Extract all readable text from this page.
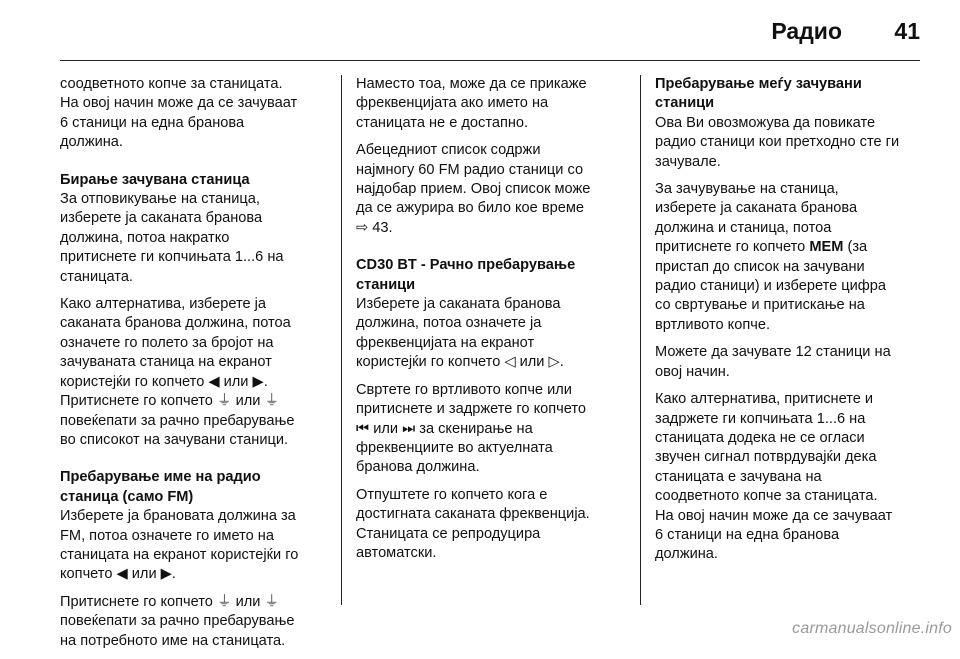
Радио 41
соодветното копче за станицата.
На овој начин може да се зачуваат
6 станици на една бранова
должина.
Бирање зачувана станица
За отповикување на станица,
изберете ја саканата бранова
должина, потоа накратко
притиснете ги копчињата 1...6 на
станицата.
Како алтернатива, изберете ја
саканата бранова должина, потоа
означете го полето за бројот на
зачуваната станица на екранот
користејќи го копчето ◀ или ▶.
Притиснете го копчето ⏚ или ⏚
повеќепати за рачно пребарување
во списокот на зачувани станици.
Пребарување име на радио
станица (само FM)
Изберете ја брановата должина за
FM, потоа означете го името на
станицата на екранот користејќи го
копчето ◀ или ▶.
Притиснете го копчето ⏚ или ⏚
повеќепати за рачно пребарување
на потребното име на станицата.
Наместо тоа, може да се прикаже
фреквенцијата ако името на
станицата не е достапно.
Абецедниот список содржи
најмногу 60 FM радио станици со
најдобар прием. Овој список може
да се ажурира во било кое време
⇨ 43.
CD30 BT - Рачно пребарување
станици
Изберете ја саканата бранова
должина, потоа означете ја
фреквенцијата на екранот
користејќи го копчето ◁ или ▷.
Свртете го вртливото копче или
притиснете и задржете го копчето
⏮ или ⏭ за скенирање на
фреквенциите во актуелната
бранова должина.
Отпуштете го копчето кога е
достигната саканата фреквенција.
Станицата се репродуцира
автоматски.
Пребарување меѓу зачувани
станици
Ова Ви овозможува да повикате
радио станици кои претходно сте ги
зачувале.
За зачувување на станица,
изберете ја саканата бранова
должина и станица, потоа
притиснете го копчето MEM (за
пристап до список на зачувани
радио станици) и изберете цифра
со свртување и притискање на
вртливото копче.
Можете да зачувате 12 станици на
овој начин.
Како алтернатива, притиснете и
задржете ги копчињата 1...6 на
станицата додека не се огласи
звучен сигнал потврдувајќи дека
станицата е зачувана на
соодветното копче за станицата.
На овој начин може да се зачуваат
6 станици на една бранова
должина.
carmanualsonline.info
